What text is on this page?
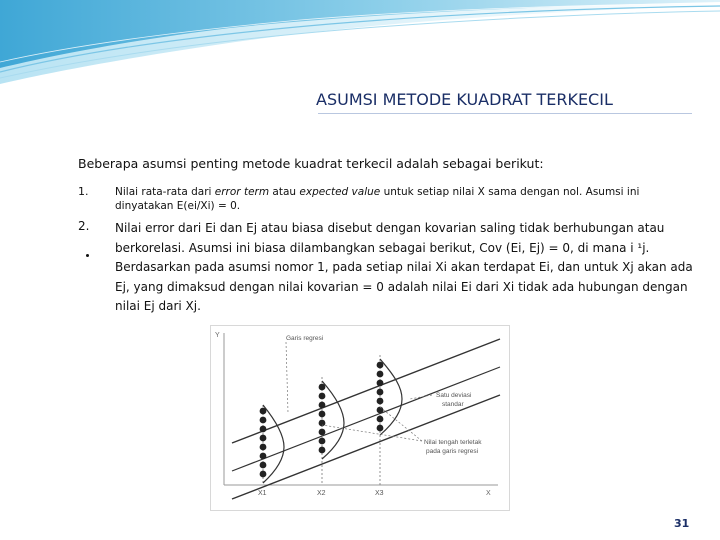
ASUMSI METODE KUADRAT TERKECIL
Beberapa asumsi penting metode kuadrat terkecil adalah sebagai berikut:
1.	Nilai rata-rata dari error term atau expected value untuk setiap nilai X sama dengan nol. Asumsi ini dinyatakan E(ei/Xi) = 0.
2. Nilai error dari Ei dan Ej atau biasa disebut dengan kovarian saling tidak berhubungan atau berkorelasi. Asumsi ini biasa dilambangkan sebagai berikut, Cov (Ei, Ej) = 0, di mana i ¹j. Berdasarkan pada asumsi nomor 1, pada setiap nilai Xi akan terdapat Ei, dan untuk Xj akan ada Ej, yang dimaksud dengan nilai kovarian = 0 adalah nilai Ei dari Xi tidak ada hubungan dengan nilai Ej dari Xj.
Y
X
Garis regresi
Satu deviasi
standar
Nilai tengah terletak
pada garis regresi
X1	X2	X3
31
